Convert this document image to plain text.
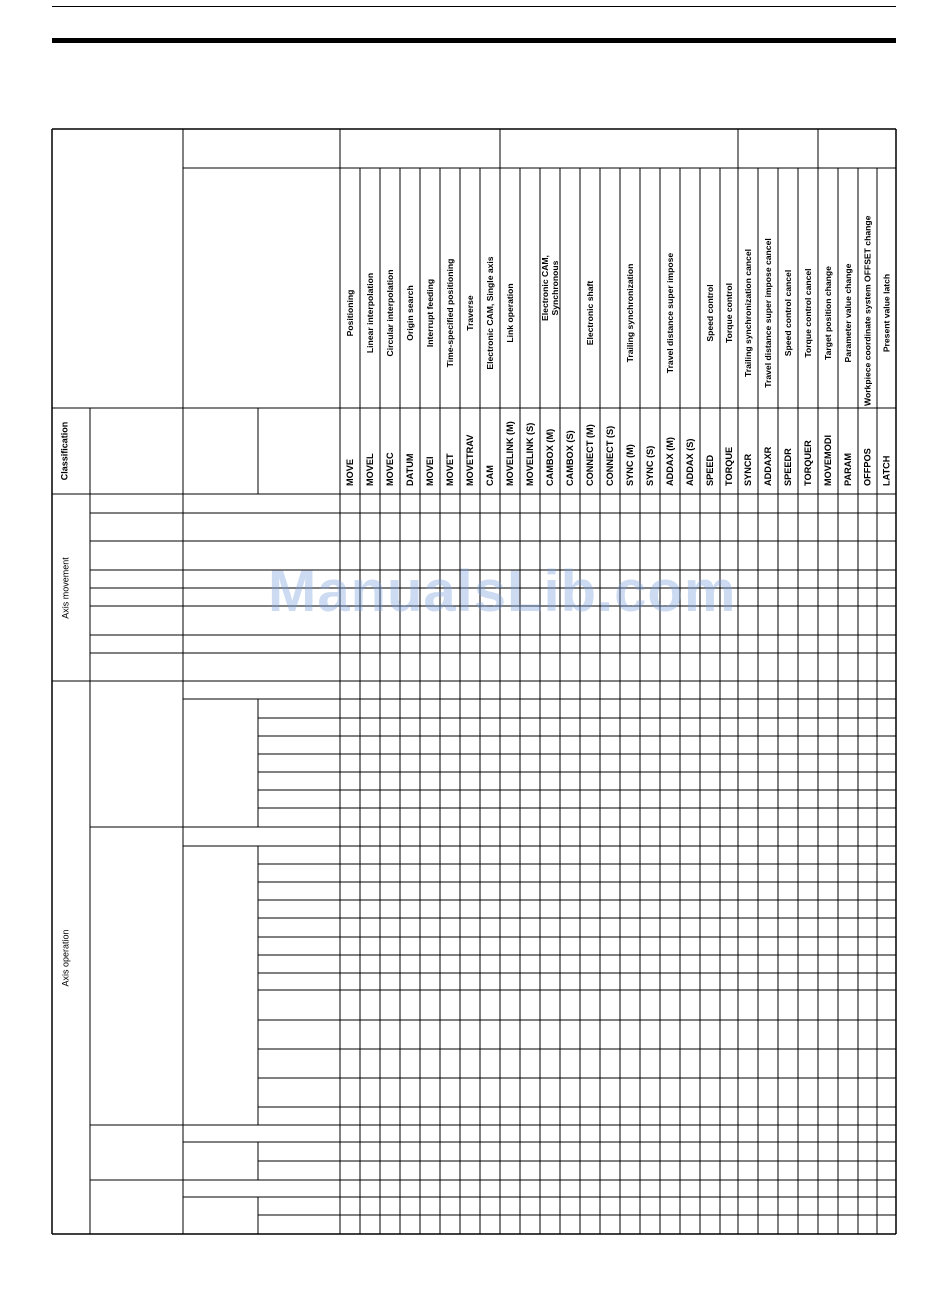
Positioning
MOVE
Linear interpolation
MOVEL
Circular interpolation
MOVEC
Origin search
DATUM
Interrupt feeding
MOVEI
Time-specified positioning
MOVET
Traverse
MOVETRAV
Electronic CAM, Single axis
CAM
Link operation
MOVELINK (M) MOVELINK (S)
Electronic CAM,Synchronous
CAMBOX (M) CAMBOX (S)
Electronic shaft
CONNECT (M) CONNECT (S)
Trailing synchronization
SYNC (M) SYNC (S)
Travel distance super impose
ADDAX (M) ADDAX (S)
Speed control
SPEED
Torque control
TORQUE
Trailing synchronization cancel
SYNCR
Travel distance super impose cancel
ADDAXR
Speed control cancel
SPEEDR
Torque control cancel
TORQUER
Target position change
MOVEMODI
Parameter value change
PARAM
Workpiece coordinate system OFFSET change
OFFPOS
Present value latch
LATCH
Classification
Axis movement
Axis operation
ManualsLib.com
